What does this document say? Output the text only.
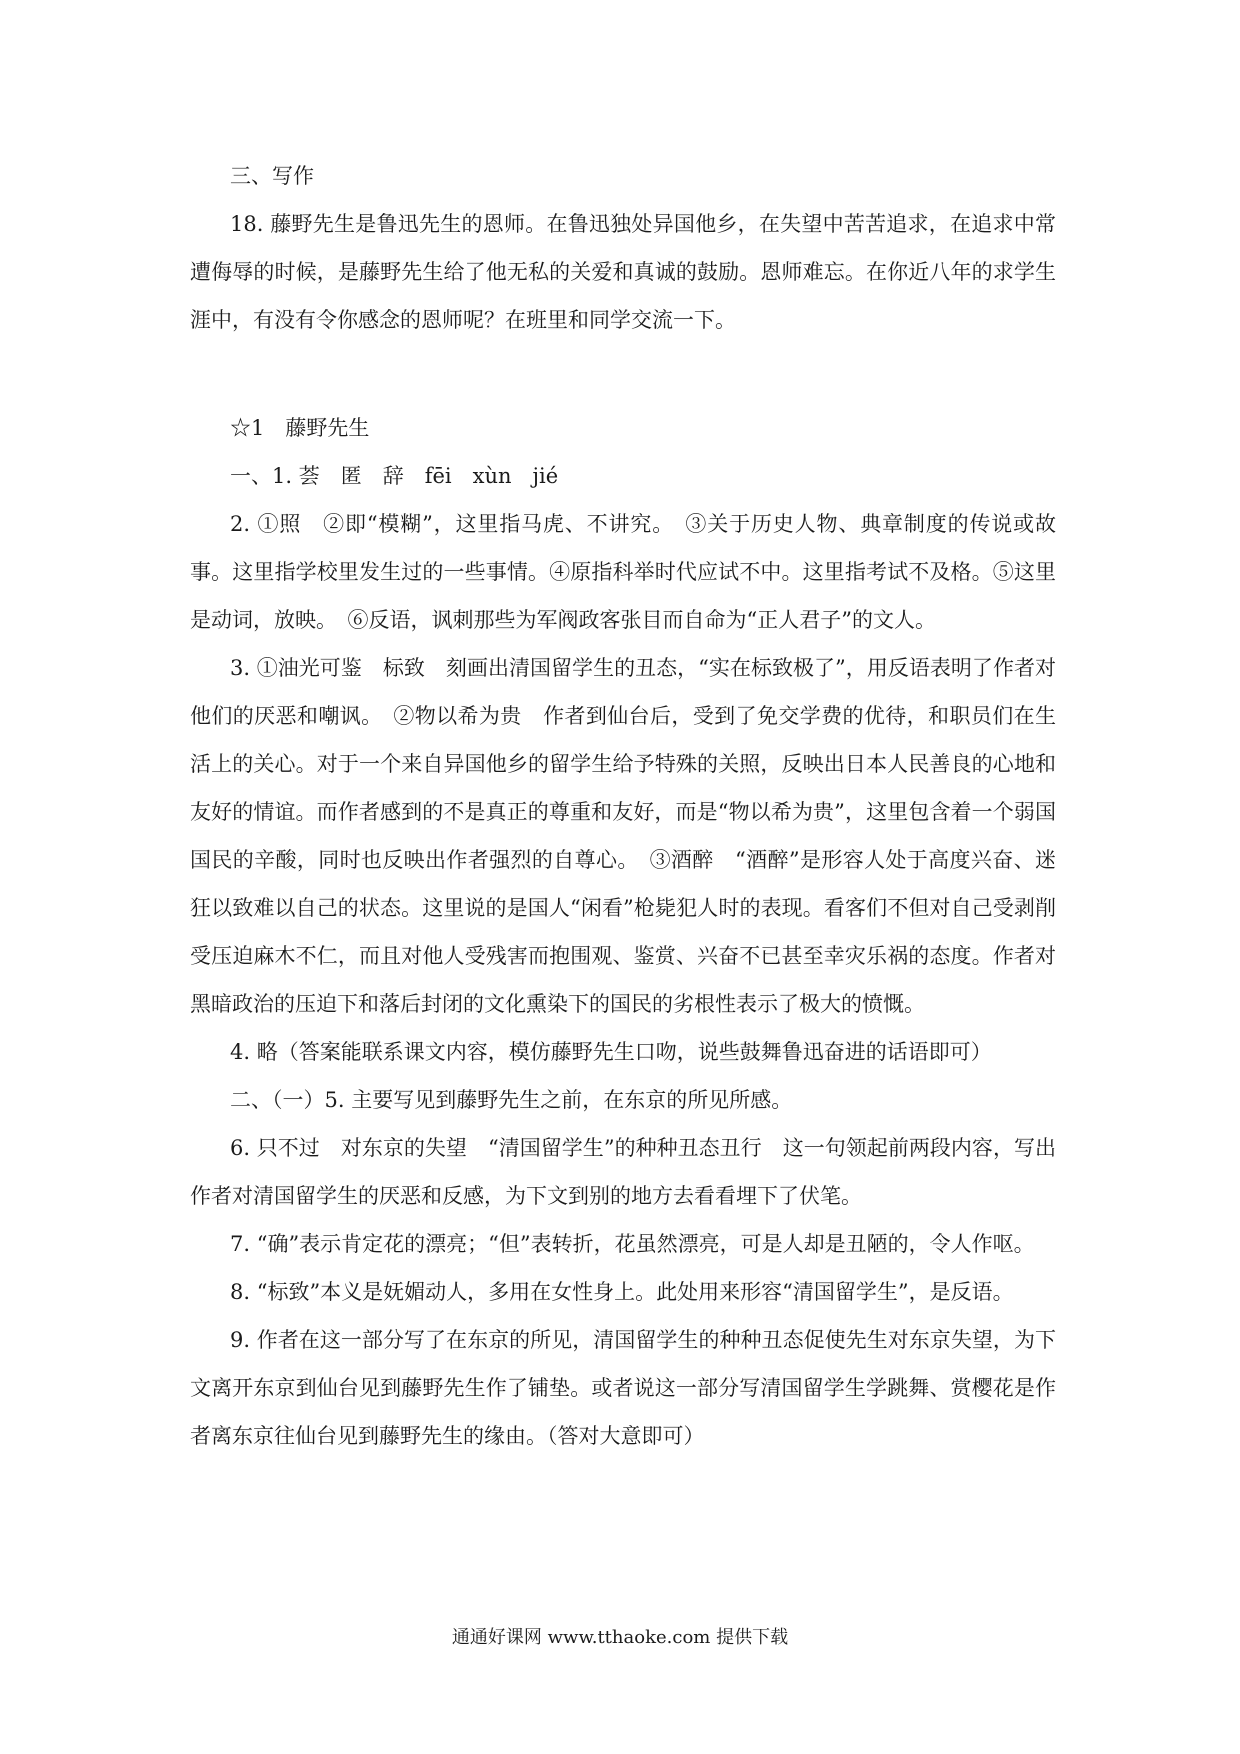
三、写作
18. 藤野先生是鲁迅先生的恩师。在鲁迅独处异国他乡，在失望中苦苦追求，在追求中常遭侮辱的时候，是藤野先生给了他无私的关爱和真诚的鼓励。恩师难忘。在你近八年的求学生涯中，有没有令你感念的恩师呢？在班里和同学交流一下。
☆1　藤野先生
一、1. 荟　匿　辞　fēi　xùn　jié
2. ①照　②即“模糊”，这里指马虎、不讲究。　③关于历史人物、典章制度的传说或故事。这里指学校里发生过的一些事情。④原指科举时代应试不中。这里指考试不及格。⑤这里是动词，放映。　⑥反语，讽刺那些为军阀政客张目而自命为“正人君子”的文人。
3. ①油光可鉴　标致　刻画出清国留学生的丑态，“实在标致极了”，用反语表明了作者对他们的厌恶和嘲讽。　②物以希为贵　作者到仙台后，受到了免交学费的优待，和职员们在生活上的关心。对于一个来自异国他乡的留学生给予特殊的关照，反映出日本人民善良的心地和友好的情谊。而作者感到的不是真正的尊重和友好，而是“物以希为贵”，这里包含着一个弱国国民的辛酸，同时也反映出作者强烈的自尊心。　③酒醉　“酒醉”是形容人处于高度兴奋、迷狂以致难以自己的状态。这里说的是国人“闲看”枪毙犯人时的表现。看客们不但对自己受剥削受压迫麻木不仁，而且对他人受残害而抱围观、鉴赏、兴奋不已甚至幸灾乐祸的态度。作者对黑暗政治的压迫下和落后封闭的文化熏染下的国民的劣根性表示了极大的愤慨。
4. 略（答案能联系课文内容，模仿藤野先生口吻，说些鼓舞鲁迅奋进的话语即可）
二、（一）5. 主要写见到藤野先生之前，在东京的所见所感。
6. 只不过　对东京的失望　“清国留学生”的种种丑态丑行　这一句领起前两段内容，写出作者对清国留学生的厌恶和反感，为下文到别的地方去看看埋下了伏笔。
7. “确”表示肯定花的漂亮；“但”表转折，花虽然漂亮，可是人却是丑陋的，令人作呕。
8. “标致”本义是妩媚动人，多用在女性身上。此处用来形容“清国留学生”，是反语。
9. 作者在这一部分写了在东京的所见，清国留学生的种种丑态促使先生对东京失望，为下文离开东京到仙台见到藤野先生作了铺垫。或者说这一部分写清国留学生学跳舞、赏樱花是作者离东京往仙台见到藤野先生的缘由。（答对大意即可）
通通好课网 www.tthaoke.com 提供下载
